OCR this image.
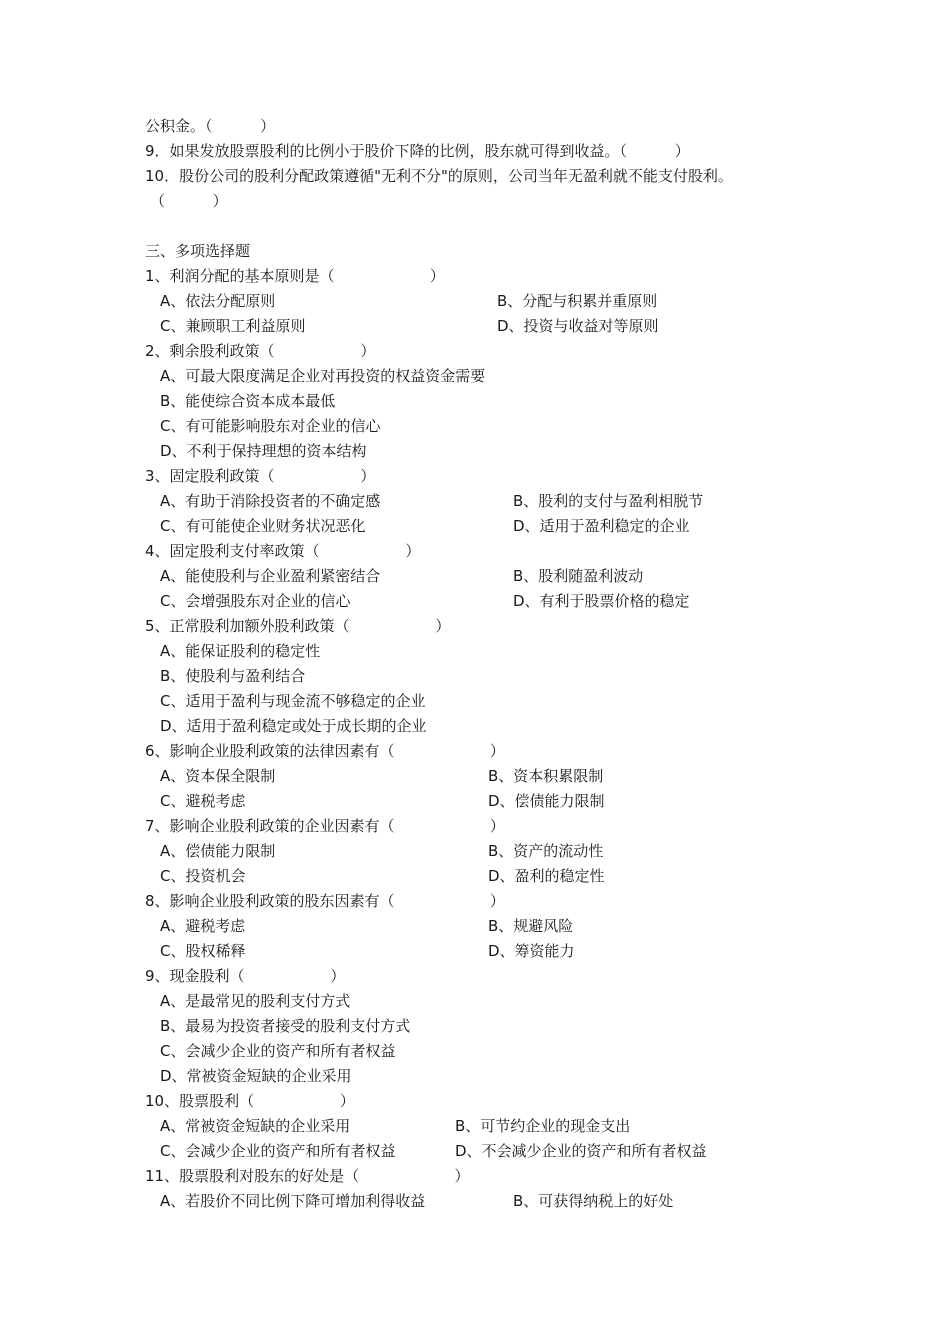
公积金。（          ）
9．如果发放股票股利的比例小于股价下降的比例，股东就可得到收益。（          ）
10．股份公司的股利分配政策遵循"无利不分"的原则，公司当年无盈利就不能支付股利。
（          ）
三、多项选择题
1、利润分配的基本原则是（                    ）
A、依法分配原则	B、分配与积累并重原则
C、兼顾职工利益原则	D、投资与收益对等原则
2、剩余股利政策（                  ）
A、可最大限度满足企业对再投资的权益资金需要
B、能使综合资本成本最低
C、有可能影响股东对企业的信心
D、不利于保持理想的资本结构
3、固定股利政策（                  ）
A、有助于消除投资者的不确定感	B、股利的支付与盈利相脱节
C、有可能使企业财务状况恶化	D、适用于盈利稳定的企业
4、固定股利支付率政策（                  ）
A、能使股利与企业盈利紧密结合	B、股利随盈利波动
C、会增强股东对企业的信心	D、有利于股票价格的稳定
5、正常股利加额外股利政策（                  ）
A、能保证股利的稳定性
B、使股利与盈利结合
C、适用于盈利与现金流不够稳定的企业
D、适用于盈利稳定或处于成长期的企业
6、影响企业股利政策的法律因素有（                    ）
A、资本保全限制	B、资本积累限制
C、避税考虑	D、偿债能力限制
7、影响企业股利政策的企业因素有（                    ）
A、偿债能力限制	B、资产的流动性
C、投资机会	D、盈利的稳定性
8、影响企业股利政策的股东因素有（                    ）
A、避税考虑	B、规避风险
C、股权稀释	D、筹资能力
9、现金股利（                  ）
A、是最常见的股利支付方式
B、最易为投资者接受的股利支付方式
C、会减少企业的资产和所有者权益
D、常被资金短缺的企业采用
10、股票股利（                  ）
A、常被资金短缺的企业采用	B、可节约企业的现金支出
C、会减少企业的资产和所有者权益	D、不会减少企业的资产和所有者权益
11、股票股利对股东的好处是（                    ）
A、若股价不同比例下降可增加利得收益	B、可获得纳税上的好处
